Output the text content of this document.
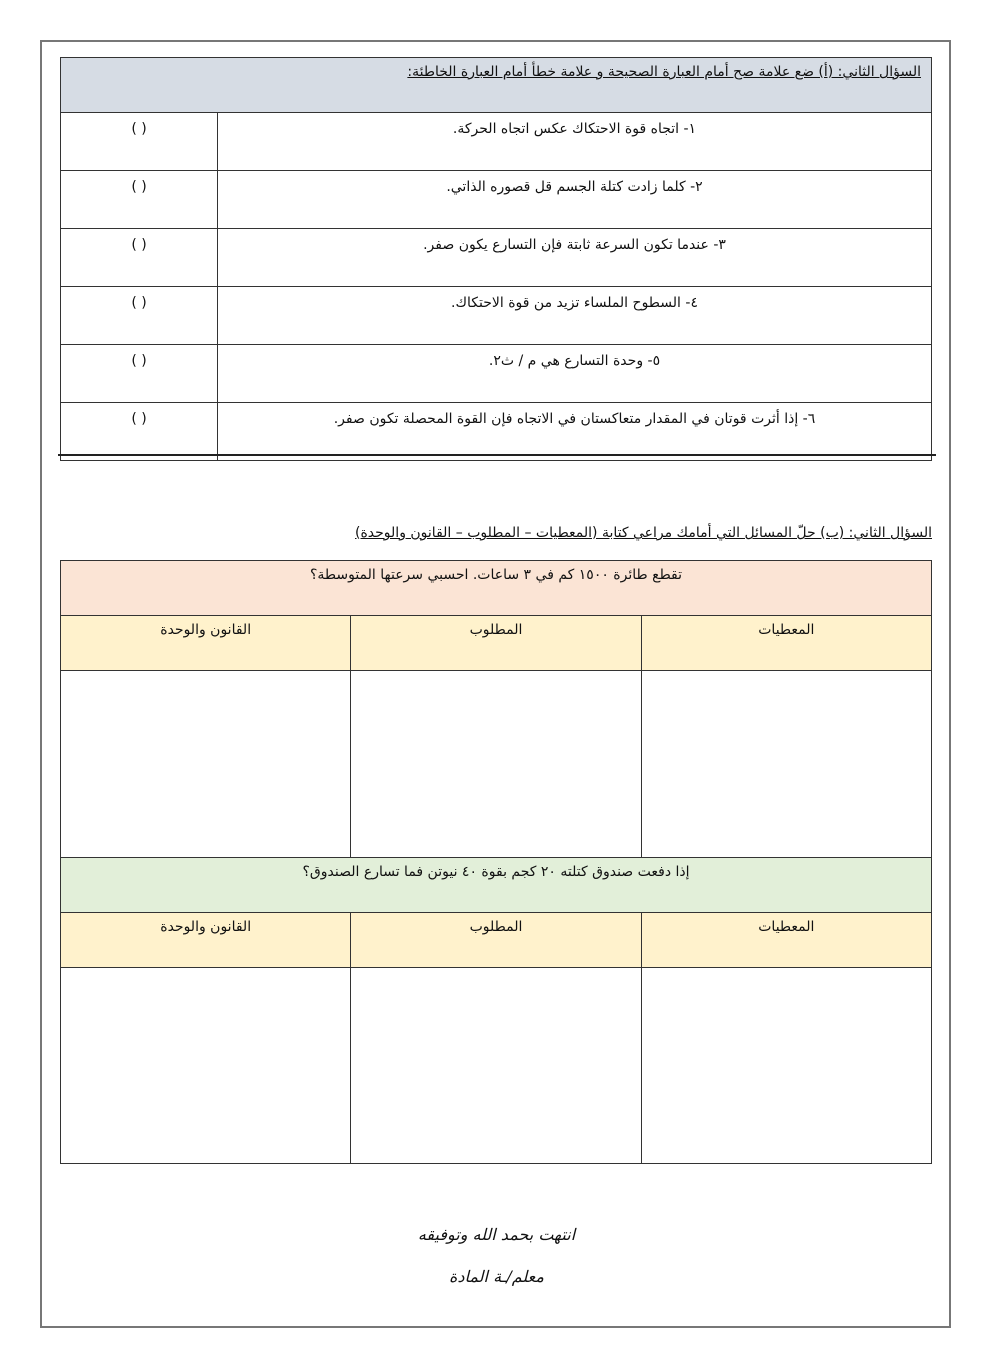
السؤال الثاني: (أ) ضع علامة صح أمام العبارة الصحيحة و علامة خطأ أمام العبارة الخاطئة:	
١- اتجاه قوة الاحتكاك عكس اتجاه الحركة.	( )
٢- كلما زادت كتلة الجسم قل قصوره الذاتي.	( )
٣- عندما تكون السرعة ثابتة فإن التسارع يكون صفر.	( )
٤- السطوح الملساء تزيد من قوة الاحتكاك.	( )
٥- وحدة التسارع هي م / ث٢.	( )
٦- إذا أثرت قوتان في المقدار متعاكستان في الاتجاه فإن القوة المحصلة تكون صفر.	( )
السؤال الثاني: (ب) حلّ المسائل التي أمامك مراعي كتابة (المعطيات – المطلوب – القانون والوحدة)
تقطع طائرة ١٥٠٠ كم في ٣ ساعات. احسبي سرعتها المتوسطة؟		
المعطيات	المطلوب	القانون والوحدة

إذا دفعت صندوق كتلته ٢٠ كجم بقوة ٤٠ نيوتن فما تسارع الصندوق؟		
المعطيات	المطلوب	القانون والوحدة

انتهت بحمد الله وتوفيقه
معلم/ـة المادة
